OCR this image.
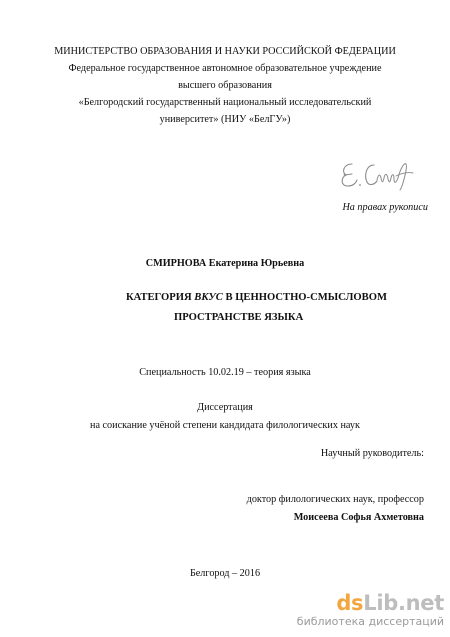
МИНИСТЕРСТВО ОБРАЗОВАНИЯ И НАУКИ РОССИЙСКОЙ ФЕДЕРАЦИИ
Федеральное государственное автономное образовательное учреждение
высшего образования
«Белгородский государственный национальный исследовательский
университет» (НИУ «БелГУ»)
На правах рукописи
СМИРНОВА Екатерина Юрьевна
КАТЕГОРИЯ ВКУС В ЦЕННОСТНО-СМЫСЛОВОМ
ПРОСТРАНСТВЕ ЯЗЫКА
Специальность 10.02.19 – теория языка
Диссертация
на соискание учёной степени кандидата филологических наук
Научный руководитель:
доктор филологических наук, профессор
Моисеева Софья Ахметовна
Белгород – 2016
dsLib.net
библиотека диссертаций
